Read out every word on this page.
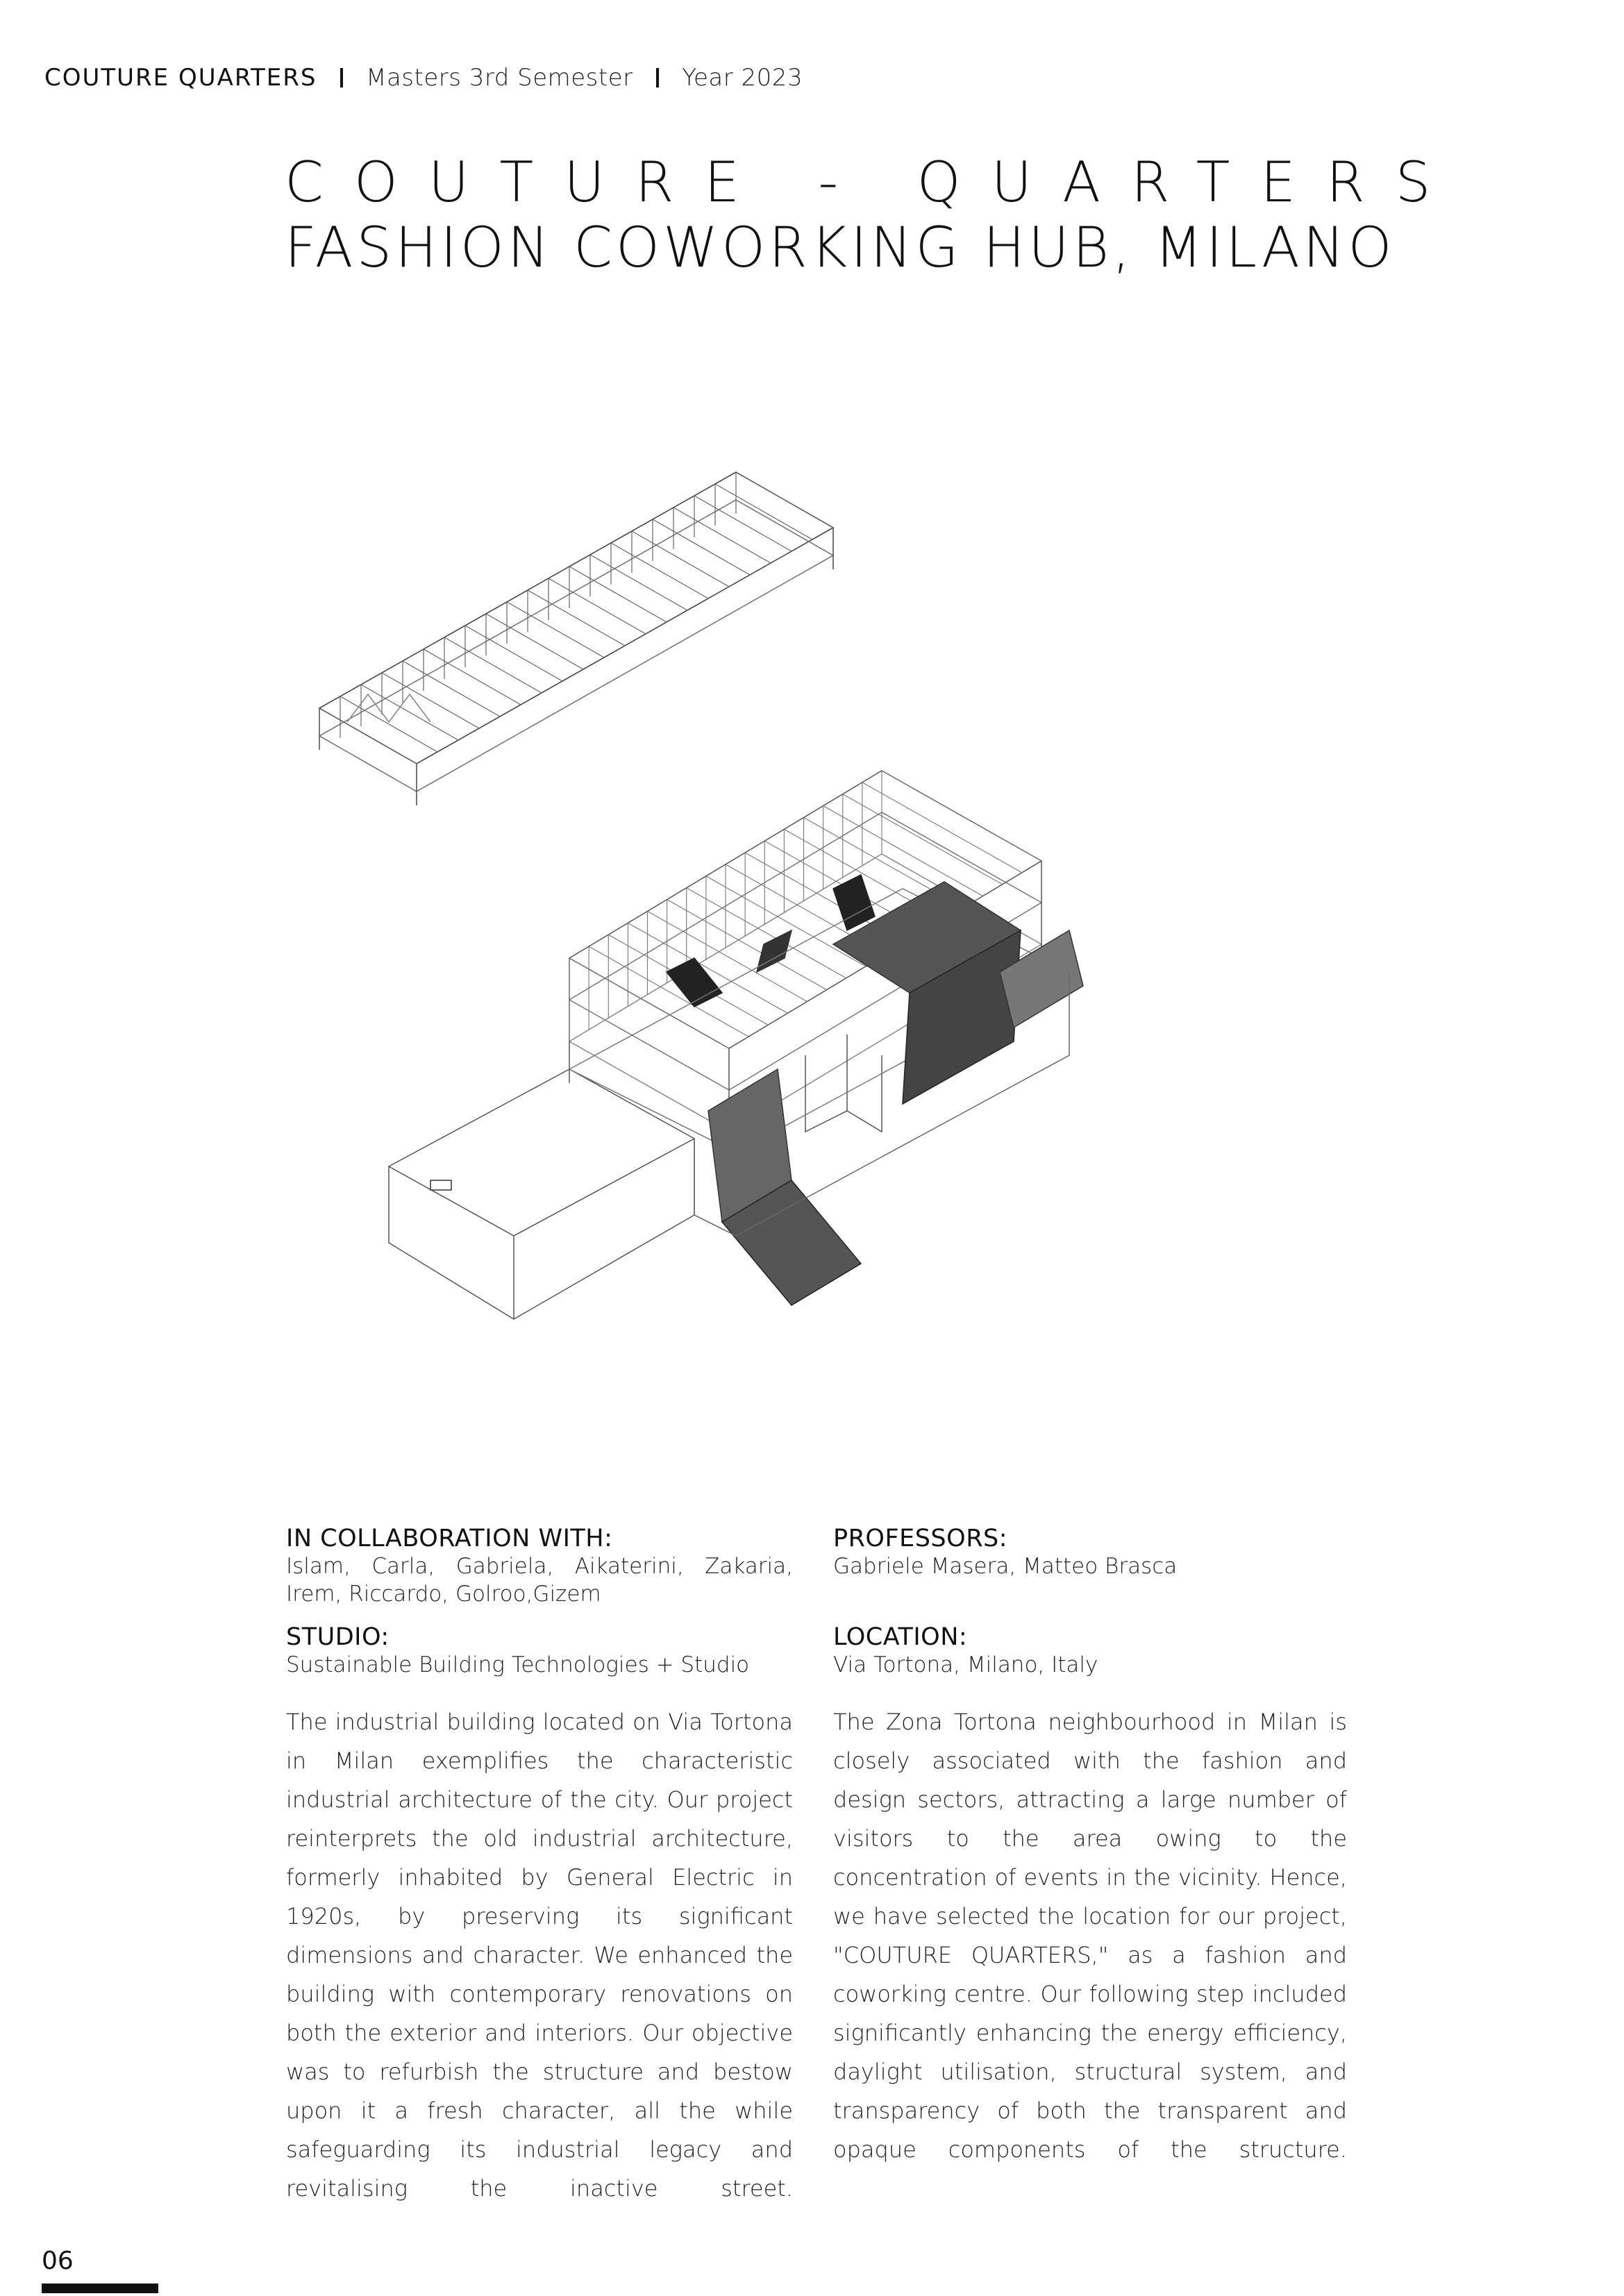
COUTURE QUARTERS Masters 3rd Semester Year 2023
COUTURE - QUARTERS
FASHION COWORKING HUB, MILANO
IN COLLABORATION WITH:
Islam, Carla, Gabriela, Aikaterini, Zakaria, Irem, Riccardo, Golroo,Gizem
STUDIO:
Sustainable Building Technologies + Studio
The industrial building located on Via Tortona in Milan exemplifies the characteristic industrial architecture of the city. Our project reinterprets the old industrial architecture, formerly inhabited by General Electric in 1920s, by preserving its significant dimensions and character. We enhanced the building with contemporary renovations on both the exterior and interiors. Our objective was to refurbish the structure and bestow upon it a fresh character, all the while safeguarding its industrial legacy and revitalising the inactive street.
PROFESSORS:
Gabriele Masera, Matteo Brasca
LOCATION:
Via Tortona, Milano, Italy
The Zona Tortona neighbourhood in Milan is closely associated with the fashion and design sectors, attracting a large number of visitors to the area owing to the concentration of events in the vicinity. Hence, we have selected the location for our project, "COUTURE QUARTERS," as a fashion and coworking centre. Our following step included significantly enhancing the energy efficiency, daylight utilisation, structural system, and transparency of both the transparent and opaque components of the structure.
06
